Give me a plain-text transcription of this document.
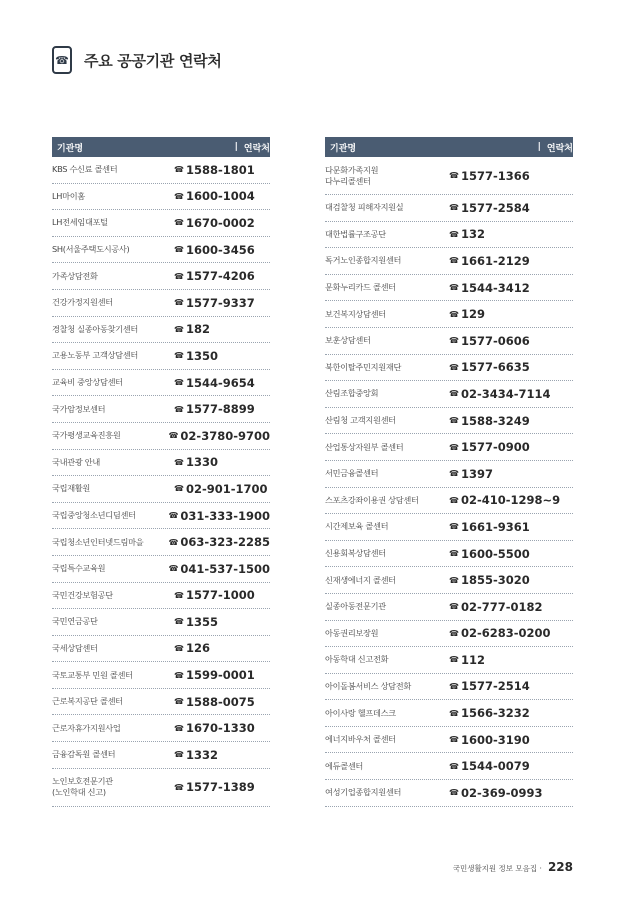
☎ 주요 공공기관 연락처
기관명	| 연락처
KBS 수신료 콜센터	☎ 1588-1801
LH마이홈	☎ 1600-1004
LH전세임대포털	☎ 1670-0002
SH(서울주택도시공사)	☎ 1600-3456
가족상담전화	☎ 1577-4206
건강가정지원센터	☎ 1577-9337
경찰청 실종아동찾기센터	☎ 182
고용노동부 고객상담센터	☎ 1350
교육비 중앙상담센터	☎ 1544-9654
국가암정보센터	☎ 1577-8899
국가평생교육진흥원	☎ 02-3780-9700
국내관광 안내	☎ 1330
국립재활원	☎ 02-901-1700
국립중앙청소년디딤센터	☎ 031-333-1900
국립청소년인터넷드림마을	☎ 063-323-2285
국립특수교육원	☎ 041-537-1500
국민건강보험공단	☎ 1577-1000
국민연금공단	☎ 1355
국세상담센터	☎ 126
국토교통부 민원 콜센터	☎ 1599-0001
근로복지공단 콜센터	☎ 1588-0075
근로자휴가지원사업	☎ 1670-1330
금융감독원 콜센터	☎ 1332
노인보호전문기관
(노인학대 신고)	☎ 1577-1389
기관명	| 연락처
다문화가족지원
다누리콜센터	☎ 1577-1366
대검찰청 피해자지원실	☎ 1577-2584
대한법률구조공단	☎ 132
독거노인종합지원센터	☎ 1661-2129
문화누리카드 콜센터	☎ 1544-3412
보건복지상담센터	☎ 129
보훈상담센터	☎ 1577-0606
북한이탈주민지원재단	☎ 1577-6635
산림조합중앙회	☎ 02-3434-7114
산림청 고객지원센터	☎ 1588-3249
산업통상자원부 콜센터	☎ 1577-0900
서민금융콜센터	☎ 1397
스포츠강좌이용권 상담센터	☎ 02-410-1298~9
시간제보육 콜센터	☎ 1661-9361
신용회복상담센터	☎ 1600-5500
신재생에너지 콜센터	☎ 1855-3020
실종아동전문기관	☎ 02-777-0182
아동권리보장원	☎ 02-6283-0200
아동학대 신고전화	☎ 112
아이돌봄서비스 상담전화	☎ 1577-2514
아이사랑 헬프데스크	☎ 1566-3232
에너지바우처 콜센터	☎ 1600-3190
에듀콜센터	☎ 1544-0079
여성기업종합지원센터	☎ 02-369-0993
국민생활지원 정보 모음집 · 228
